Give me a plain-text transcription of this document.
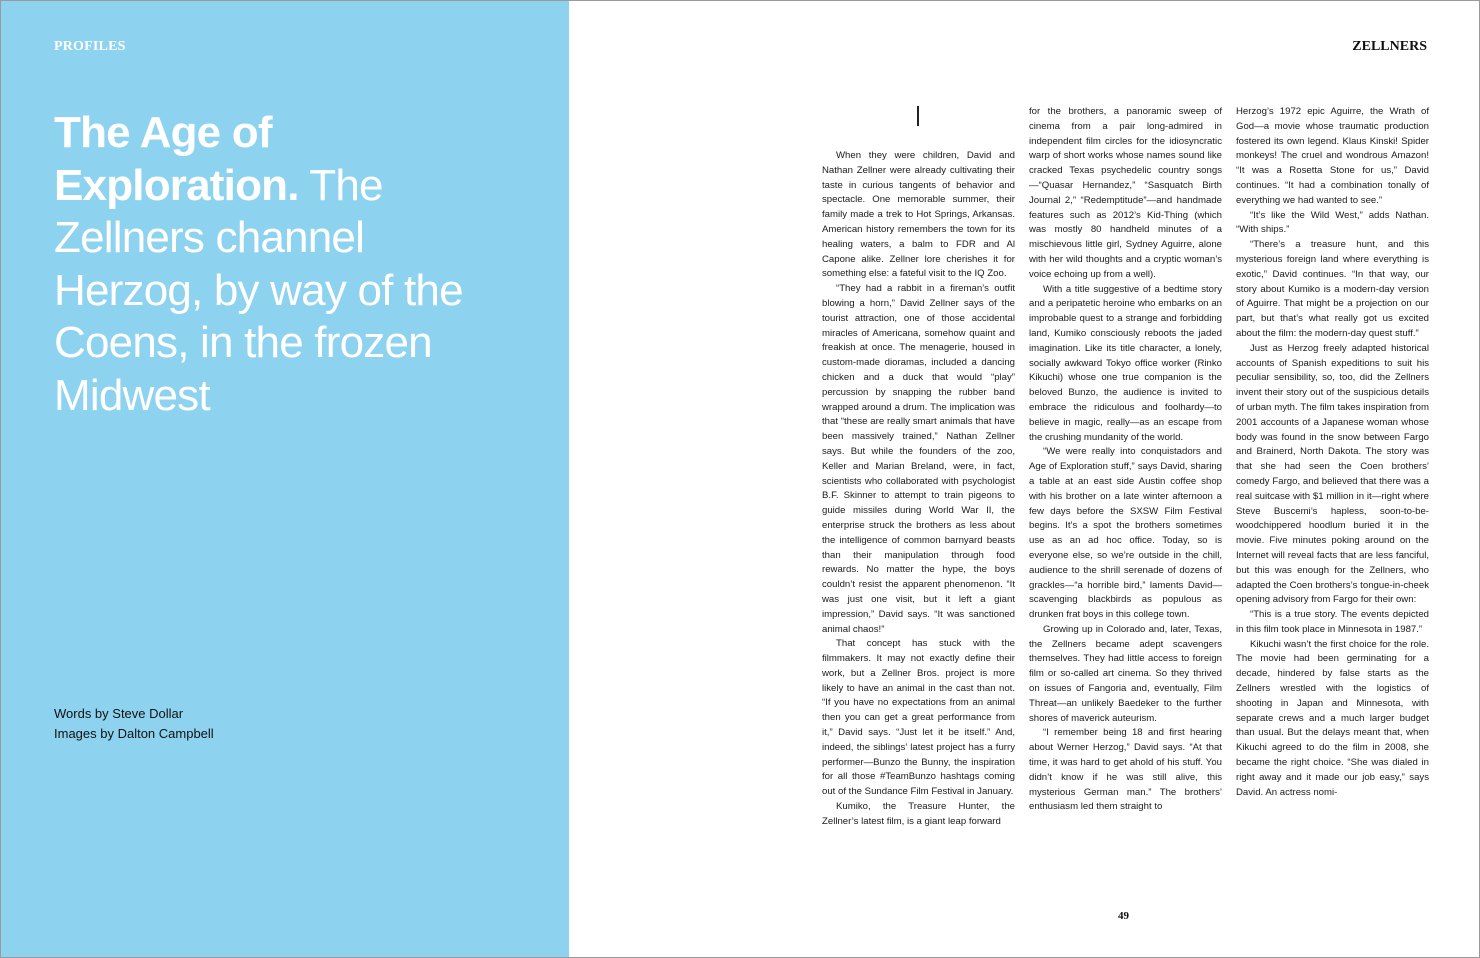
PROFILES
The Age of Exploration. The Zellners channel Herzog, by way of the Coens, in the frozen Midwest
Words by Steve Dollar
Images by Dalton Campbell
ZELLNERS

When they were children, David and Nathan Zellner were already cultivating their taste in curious tangents of behavior and spectacle. One memorable summer, their family made a trek to Hot Springs, Arkansas. American history remembers the town for its healing waters, a balm to FDR and Al Capone alike. Zellner lore cherishes it for something else: a fateful visit to the IQ Zoo.

“They had a rabbit in a fireman’s outfit blowing a horn,” David Zellner says of the tourist attraction, one of those accidental miracles of Americana, somehow quaint and freakish at once. The menagerie, housed in custom-made dioramas, included a dancing chicken and a duck that would “play” percussion by snapping the rubber band wrapped around a drum. The implication was that “these are really smart animals that have been massively trained,” Nathan Zellner says. But while the founders of the zoo, Keller and Marian Breland, were, in fact, scientists who collaborated with psychologist B.F. Skinner to attempt to train pigeons to guide missiles during World War II, the enterprise struck the brothers as less about the intelligence of common barnyard beasts than their manipulation through food rewards. No matter the hype, the boys couldn’t resist the apparent phenomenon. “It was just one visit, but it left a giant impression,” David says. “It was sanctioned animal chaos!”

That concept has stuck with the filmmakers. It may not exactly define their work, but a Zellner Bros. project is more likely to have an animal in the cast than not. “If you have no expectations from an animal then you can get a great performance from it,” David says. “Just let it be itself.” And, indeed, the siblings’ latest project has a furry performer—Bunzo the Bunny, the inspiration for all those #TeamBunzo hashtags coming out of the Sundance Film Festival in January.

Kumiko, the Treasure Hunter, the Zellner’s latest film, is a giant leap forward

for the brothers, a panoramic sweep of cinema from a pair long-admired in independent film circles for the idiosyncratic warp of short works whose names sound like cracked Texas psychedelic country songs—“Quasar Hernandez,” “Sasquatch Birth Journal 2,” “Redemptitude”—and handmade features such as 2012’s Kid-Thing (which was mostly 80 handheld minutes of a mischievous little girl, Sydney Aguirre, alone with her wild thoughts and a cryptic woman’s voice echoing up from a well).

With a title suggestive of a bedtime story and a peripatetic heroine who embarks on an improbable quest to a strange and forbidding land, Kumiko consciously reboots the jaded imagination. Like its title character, a lonely, socially awkward Tokyo office worker (Rinko Kikuchi) whose one true companion is the beloved Bunzo, the audience is invited to embrace the ridiculous and foolhardy—to believe in magic, really—as an escape from the crushing mundanity of the world.

“We were really into conquistadors and Age of Exploration stuff,” says David, sharing a table at an east side Austin coffee shop with his brother on a late winter afternoon a few days before the SXSW Film Festival begins. It’s a spot the brothers sometimes use as an ad hoc office. Today, so is everyone else, so we’re outside in the chill, audience to the shrill serenade of dozens of grackles—“a horrible bird,” laments David—scavenging blackbirds as populous as drunken frat boys in this college town.

Growing up in Colorado and, later, Texas, the Zellners became adept scavengers themselves. They had little access to foreign film or so-called art cinema. So they thrived on issues of Fangoria and, eventually, Film Threat—an unlikely Baedeker to the further shores of maverick auteurism.

“I remember being 18 and first hearing about Werner Herzog,” David says. “At that time, it was hard to get ahold of his stuff. You didn’t know if he was still alive, this mysterious German man.” The brothers’ enthusiasm led them straight to

Herzog’s 1972 epic Aguirre, the Wrath of God—a movie whose traumatic production fostered its own legend. Klaus Kinski! Spider monkeys! The cruel and wondrous Amazon! “It was a Rosetta Stone for us,” David continues. “It had a combination tonally of everything we had wanted to see.”

“It’s like the Wild West,” adds Nathan. “With ships.”

“There’s a treasure hunt, and this mysterious foreign land where everything is exotic,” David continues. “In that way, our story about Kumiko is a modern-day version of Aguirre. That might be a projection on our part, but that’s what really got us excited about the film: the modern-day quest stuff.”

Just as Herzog freely adapted historical accounts of Spanish expeditions to suit his peculiar sensibility, so, too, did the Zellners invent their story out of the suspicious details of urban myth. The film takes inspiration from 2001 accounts of a Japanese woman whose body was found in the snow between Fargo and Brainerd, North Dakota. The story was that she had seen the Coen brothers’ comedy Fargo, and believed that there was a real suitcase with $1 million in it—right where Steve Buscemi’s hapless, soon-to-be-woodchippered hoodlum buried it in the movie. Five minutes poking around on the Internet will reveal facts that are less fanciful, but this was enough for the Zellners, who adapted the Coen brothers’s tongue-in-cheek opening advisory from Fargo for their own:

“This is a true story. The events depicted in this film took place in Minnesota in 1987.”

Kikuchi wasn’t the first choice for the role. The movie had been germinating for a decade, hindered by false starts as the Zellners wrestled with the logistics of shooting in Japan and Minnesota, with separate crews and a much larger budget than usual. But the delays meant that, when Kikuchi agreed to do the film in 2008, she became the right choice. “She was dialed in right away and it made our job easy,” says David. An actress nomi-

49
